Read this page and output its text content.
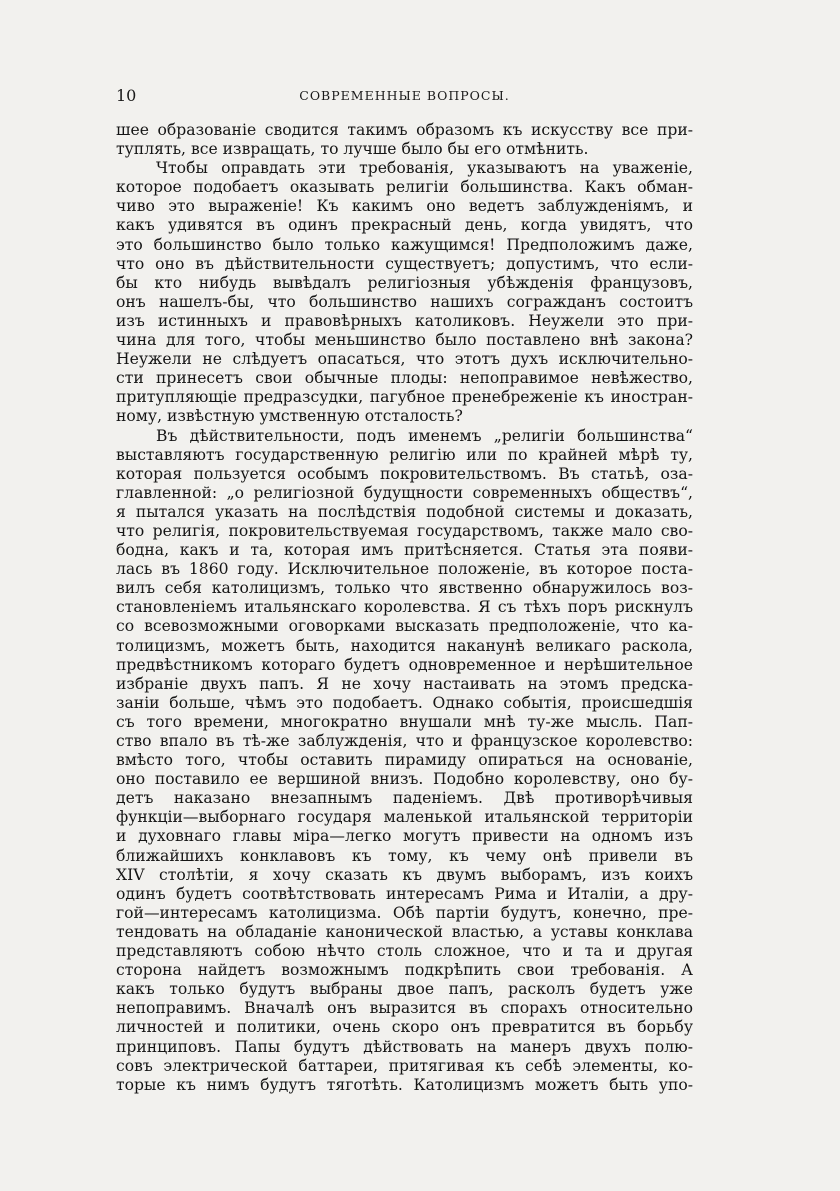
10	СОВРЕМЕННЫЕ ВОПРОСЫ.
шее образованіе сводится такимъ образомъ къ искусству все при-
туплять, все извращать, то лучше было бы его отмѣнить.
Чтобы оправдать эти требованія, указываютъ на уваженіе,
которое подобаетъ оказывать религіи большинства. Какъ обман-
чиво это выраженіе! Къ какимъ оно ведетъ заблужденіямъ, и
какъ удивятся въ одинъ прекрасный день, когда увидятъ, что
это большинство было только кажущимся! Предположимъ даже,
что оно въ дѣйствительности существуетъ; допустимъ, что если-
бы кто нибудь вывѣдалъ религіозныя убѣжденія французовъ,
онъ нашелъ-бы, что большинство нашихъ согражданъ состоитъ
изъ истинныхъ и правовѣрныхъ католиковъ. Неужели это при-
чина для того, чтобы меньшинство было поставлено внѣ закона?
Неужели не слѣдуетъ опасаться, что этотъ духъ исключительно-
сти принесетъ свои обычные плоды: непоправимое невѣжество,
притупляющіе предразсудки, пагубное пренебреженіе къ иностран-
ному, извѣстную умственную отсталость?
Въ дѣйствительности, подъ именемъ „религіи большинства“
выставляютъ государственную религію или по крайней мѣрѣ ту,
которая пользуется особымъ покровительствомъ. Въ статьѣ, оза-
главленной: „о религіозной будущности современныхъ обществъ“,
я пытался указать на послѣдствія подобной системы и доказать,
что религія, покровительствуемая государствомъ, также мало сво-
бодна, какъ и та, которая имъ притѣсняется. Статья эта появи-
лась въ 1860 году. Исключительное положеніе, въ которое поста-
вилъ себя католицизмъ, только что явственно обнаружилось воз-
становленіемъ итальянскаго королевства. Я съ тѣхъ поръ рискнулъ
со всевозможными оговорками высказать предположеніе, что ка-
толицизмъ, можетъ быть, находится наканунѣ великаго раскола,
предвѣстникомъ котораго будетъ одновременное и нерѣшительное
избраніе двухъ папъ. Я не хочу настаивать на этомъ предска-
заніи больше, чѣмъ это подобаетъ. Однако событія, происшедшія
съ того времени, многократно внушали мнѣ ту-же мысль. Пап-
ство впало въ тѣ-же заблужденія, что и французское королевство:
вмѣсто того, чтобы оставить пирамиду опираться на основаніе,
оно поставило ее вершиной внизъ. Подобно королевству, оно бу-
детъ наказано внезапнымъ паденіемъ. Двѣ противорѣчивыя
функціи—выборнаго государя маленькой итальянской территоріи
и духовнаго главы міра—легко могутъ привести на одномъ изъ
ближайшихъ конклавовъ къ тому, къ чему онѣ привели въ
XIV столѣтіи, я хочу сказать къ двумъ выборамъ, изъ коихъ
одинъ будетъ соотвѣтствовать интересамъ Рима и Италіи, а дру-
гой—интересамъ католицизма. Обѣ партіи будутъ, конечно, пре-
тендовать на обладаніе канонической властью, а уставы конклава
представляютъ собою нѣчто столь сложное, что и та и другая
сторона найдетъ возможнымъ подкрѣпить свои требованія. А
какъ только будутъ выбраны двое папъ, расколъ будетъ уже
непоправимъ. Вначалѣ онъ выразится въ спорахъ относительно
личностей и политики, очень скоро онъ превратится въ борьбу
принциповъ. Папы будутъ дѣйствовать на манеръ двухъ полю-
совъ электрической баттареи, притягивая къ себѣ элементы, ко-
торые къ нимъ будутъ тяготѣть. Католицизмъ можетъ быть упо-
